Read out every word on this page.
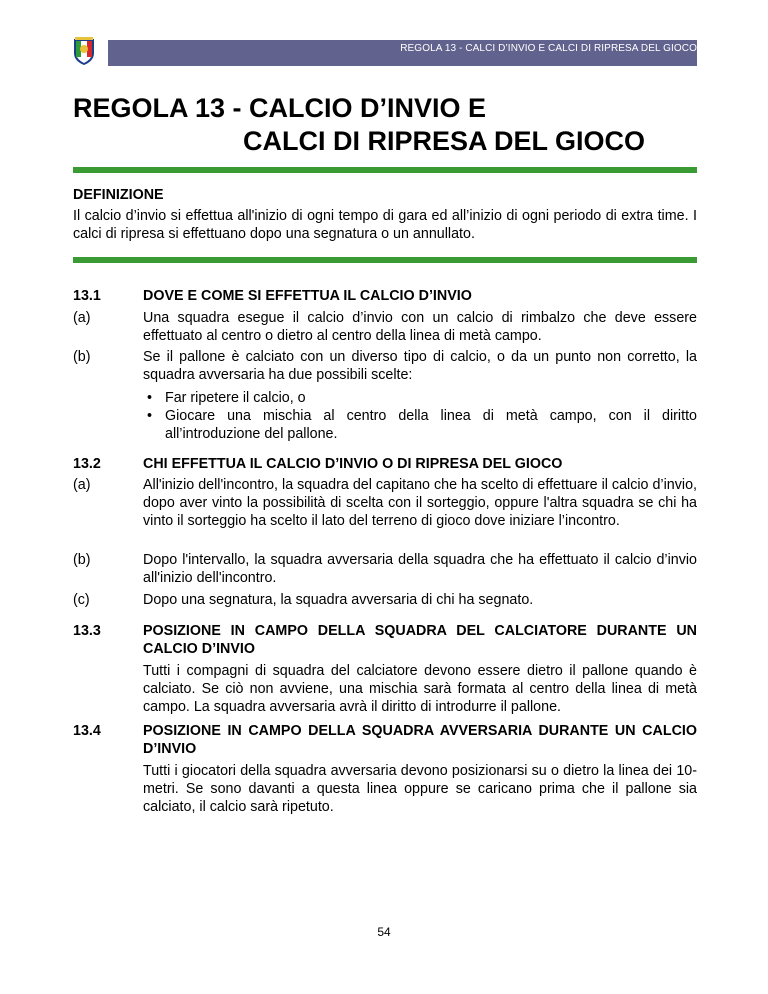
REGOLA 13 - CALCI D’INVIO E CALCI DI RIPRESA DEL GIOCO
REGOLA 13 - CALCIO D’INVIO E
CALCI DI RIPRESA DEL GIOCO
DEFINIZIONE
Il calcio d’invio si effettua all'inizio di ogni tempo di gara ed all’inizio di ogni periodo di extra time. I calci di ripresa si effettuano dopo una segnatura o un annullato.
13.1	DOVE E COME SI EFFETTUA IL CALCIO D’INVIO
(a)	Una squadra esegue il calcio d’invio con un calcio di rimbalzo che deve essere effettuato al centro o dietro al centro della linea di metà campo.
(b)	Se il pallone è calciato con un diverso tipo di calcio, o da un punto non corretto, la squadra avversaria ha due possibili scelte:
• Far ripetere il calcio, o
• Giocare una mischia al centro della linea di metà campo, con il diritto all’introduzione del pallone.
13.2	CHI EFFETTUA IL CALCIO D’INVIO O DI RIPRESA DEL GIOCO
(a)	All'inizio dell'incontro, la squadra del capitano che ha scelto di effettuare il calcio d’invio, dopo aver vinto la possibilità di scelta con il sorteggio, oppure l'altra squadra se chi ha vinto il sorteggio ha scelto il lato del terreno di gioco dove iniziare l’incontro.
(b)	Dopo l'intervallo, la squadra avversaria della squadra che ha effettuato il calcio d’invio all'inizio dell'incontro.
(c)	Dopo una segnatura, la squadra avversaria di chi ha segnato.
13.3	POSIZIONE IN CAMPO DELLA SQUADRA DEL CALCIATORE DURANTE UN CALCIO D’INVIO
Tutti i compagni di squadra del calciatore devono essere dietro il pallone quando è calciato. Se ciò non avviene, una mischia sarà formata al centro della linea di metà campo. La squadra avversaria avrà il diritto di introdurre il pallone.
13.4	POSIZIONE IN CAMPO DELLA SQUADRA AVVERSARIA DURANTE UN CALCIO D’INVIO
Tutti i giocatori della squadra avversaria devono posizionarsi su o dietro la linea dei 10-metri. Se sono davanti a questa linea oppure se caricano prima che il pallone sia calciato, il calcio sarà ripetuto.
54
